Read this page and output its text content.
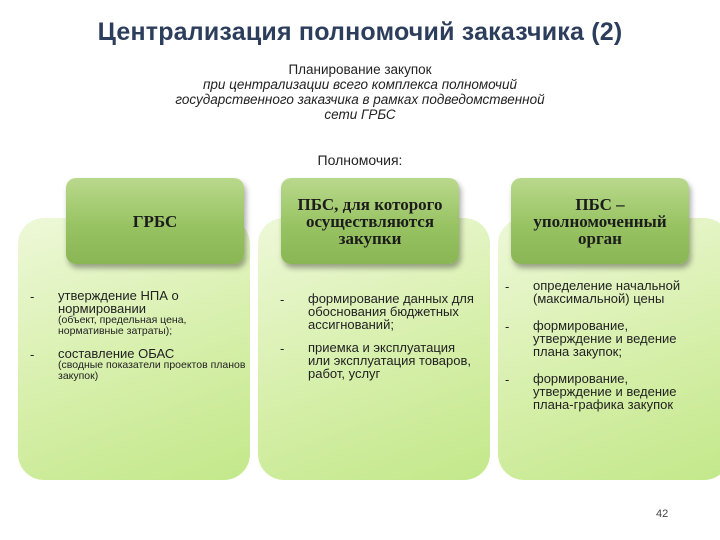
Централизация полномочий заказчика (2)
Планирование закупок
при централизации всего комплекса полномочий государственного заказчика в рамках подведомственной сети ГРБС
Полномочия:
ГРБС
ПБС, для которого осуществляются закупки
ПБС – уполномоченный орган
- утверждение НПА о нормировании
(объект, предельная цена, нормативные затраты);
- составление ОБАС
(сводные показатели проектов планов закупок)
- формирование данных для обоснования бюджетных ассигнований;
- приемка и эксплуатация или эксплуатация товаров, работ, услуг
- определение начальной (максимальной) цены
- формирование, утверждение и ведение плана закупок;
- формирование, утверждение и ведение плана-графика закупок
42
